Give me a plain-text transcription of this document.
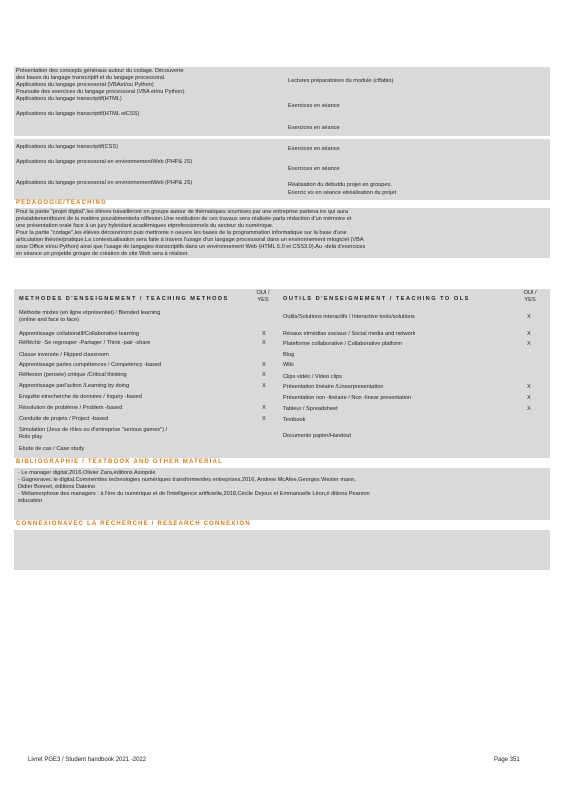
Présentation des concepts généraux autour du codage. Découverte
des bases du langage transcriptif et du langage processoral.
Applications du langage processoral (VBAet/ou Python)
Poursuite des exercices du langage processoral (VBA et/ou Python).
Applications du langage transcriptif(HTML)
Applications du langage transcriptif(HTML etCSS)
Lectures préparatoires du module (cffabio)
Exercices en séance
Exercices en séance
Applications du langage transcriptif(CSS)
Applications du langage processoral en environnementWeb (PHP& JS)
Applications du langage processoral en environnementWeb (PHP& JS)
Exercices en séance
Exercices en séance
Réalisation du débutdu projet en groupes.
Exercic es en séance etréalisation du projet
PEDAGOGIE/TEACHING
Pour la partie "projet digital",les élèves travailleront en groupe autour de thématiques soumises par une entreprise partena ire qui aura
préalablementfourni de la matière pouralimenterla réflexion.Une restitution de ces travaux sera réalisée parla rédaction d'un mémoire et
une présentation orale face à un jury hybridant académiques etprofessionnels du secteur du numérique.
Pour la partie "codage",les élèves découvriront puis mettronte n oeuvre les bases de la programmation informatique sur la base d'une
articulation théorie/pratique.La contextualisation sera faite à travers l'usage d'un langage processoral dans un environnement mtogiciel (VBA
sous Office et/ou Python) ainsi que l'usage de langages transcriptifs dans un environnement Web (HTML 5.0 et CSS3.0).Au -delà d'exercices
en séance un projetde groupe de création de site Web sera à réaliser.
METHODES D'ENSEIGNEMENT / TEACHING METHODS
OUI /
YES	OUTILS D'ENSEIGNEMENT / TEACHING TO OLS
OUI /
YES
Méthode mixtes (en ligne etprésentiel) / Blended learning
(online and face to face)
Apprentissage collaboratif/Collaborative learning
Réfléchir -Se regrouper -Partager / Think -pair -share
Classe inversée / Flipped classroom
Apprentissage parles compétences / Competency -based
Réflexion (pensée) critique /Critical thinking
Apprentissage parl'action /Learning by doing
Enquête etrecherche de données / Inquiry -based
Résolution de problème / Problem -based
Conduite de projets / Project -based
Simulation (Jeux de rôles ou d'entreprise "serious games") /
Role play
Etude de cas / Case study
X
X
X
X
X
X
X
Outils/Solutions interactifs / Interactive tools/solutions
Résaux etmédias sociaux / Social media and network
Plateforme collaborative / Collaborative platform
Blog
Wiki
Clips vidéo / Video clips
Présentation linéaire /Linearpresentation
Présentation non -linéaire / Non -linear presentation
Tableur / Spreadsheet
Textbook
Documents papier/Handout
X
X
X
X
X
X
BIBLIOGRAPHIE / TEXTBOOK AND OTHER MATERIAL
- Le manager digital,2016,Olivier Zara,éditions Axiopole
- Gagneravec le digital.Commenttes technologies numériques transformentles entreprises,2016, Andrew McAfee,Georges Wester mann,
Didier Bonnet, éditions Dateino
- Métamorphose des managers : à l'ère du numérique et de l'intelligence artificielle,2018,Cécile Dejoux et Emmanuelle Léon,é ditions Pearson
éducation
CONNEXIONAVEC LA RECHERCHE / RESEARCH CONNEXION
Livret PGE3 / Student handbook 2021 -2022	Page 351
